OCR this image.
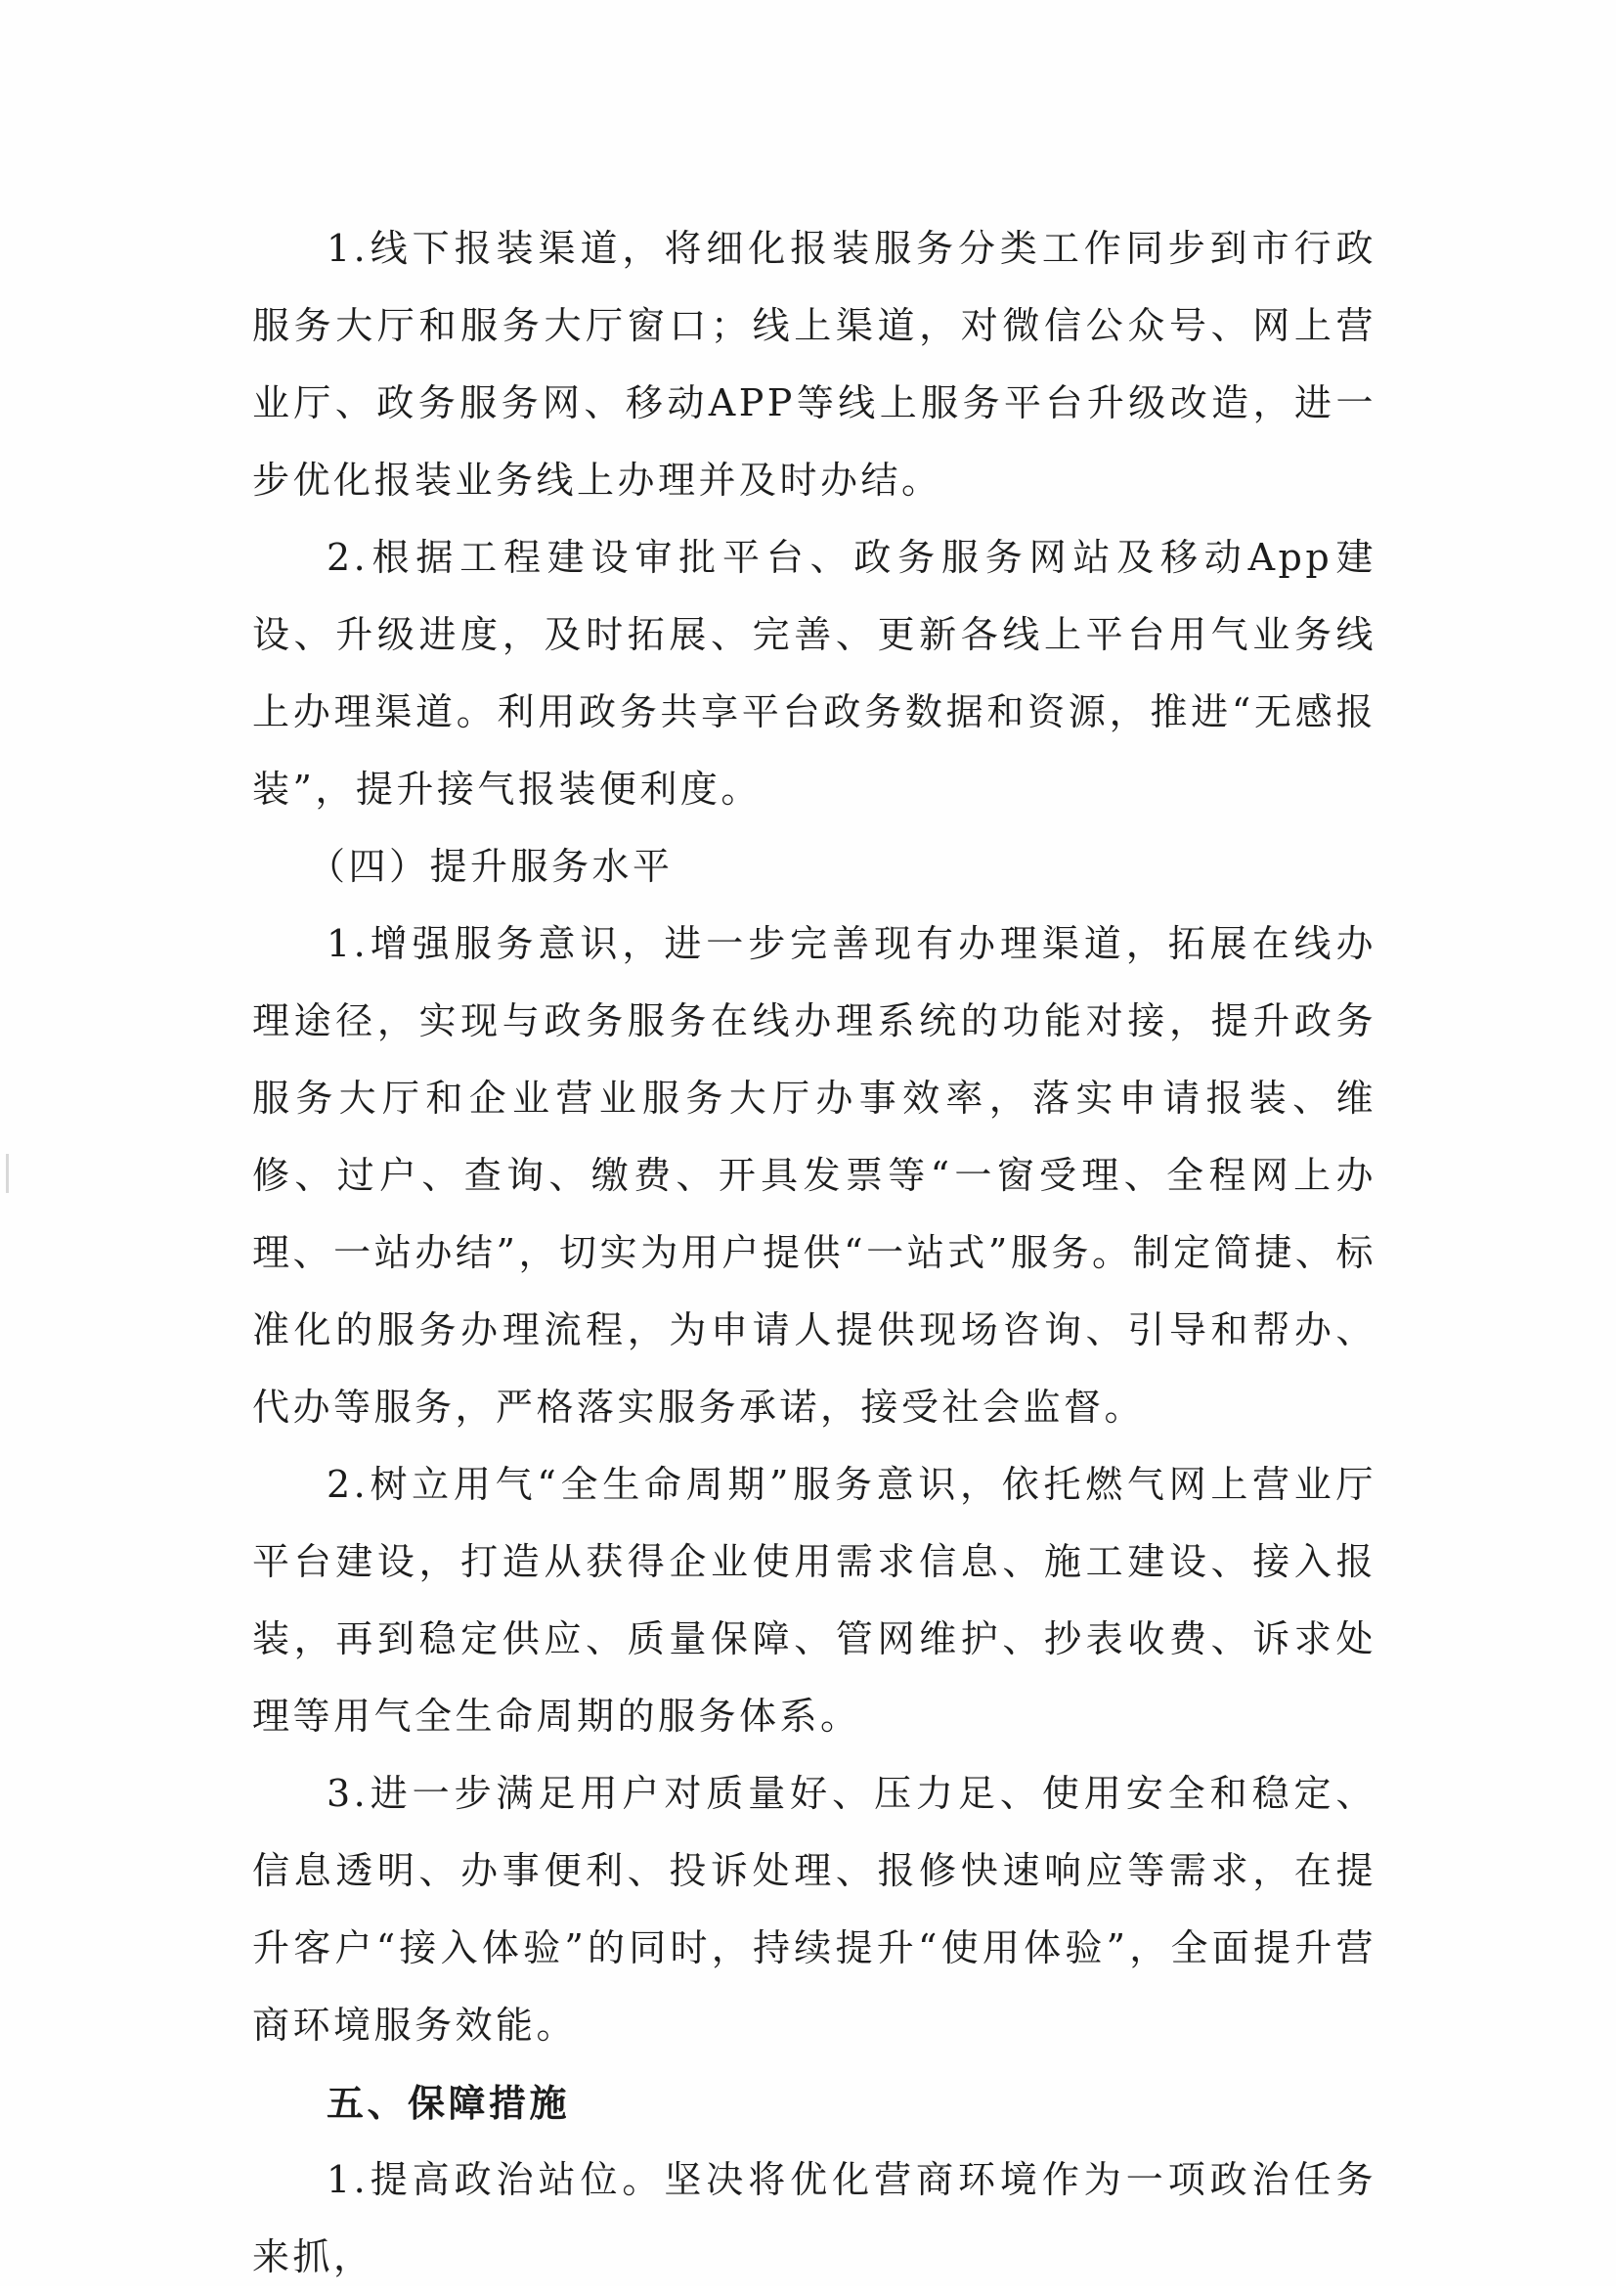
1.线下报装渠道，将细化报装服务分类工作同步到市行政服务大厅和服务大厅窗口；线上渠道，对微信公众号、网上营业厅、政务服务网、移动APP等线上服务平台升级改造，进一步优化报装业务线上办理并及时办结。

2.根据工程建设审批平台、政务服务网站及移动App建设、升级进度，及时拓展、完善、更新各线上平台用气业务线上办理渠道。利用政务共享平台政务数据和资源，推进“无感报装”，提升接气报装便利度。

（四）提升服务水平

1.增强服务意识，进一步完善现有办理渠道，拓展在线办理途径，实现与政务服务在线办理系统的功能对接，提升政务服务大厅和企业营业服务大厅办事效率，落实申请报装、维修、过户、查询、缴费、开具发票等“一窗受理、全程网上办理、一站办结”，切实为用户提供“一站式”服务。制定简捷、标准化的服务办理流程，为申请人提供现场咨询、引导和帮办、代办等服务，严格落实服务承诺，接受社会监督。

2.树立用气“全生命周期”服务意识，依托燃气网上营业厅平台建设，打造从获得企业使用需求信息、施工建设、接入报装，再到稳定供应、质量保障、管网维护、抄表收费、诉求处理等用气全生命周期的服务体系。

3.进一步满足用户对质量好、压力足、使用安全和稳定、信息透明、办事便利、投诉处理、报修快速响应等需求，在提升客户“接入体验”的同时，持续提升“使用体验”，全面提升营商环境服务效能。

五、保障措施

1.提高政治站位。坚决将优化营商环境作为一项政治任务来抓，
